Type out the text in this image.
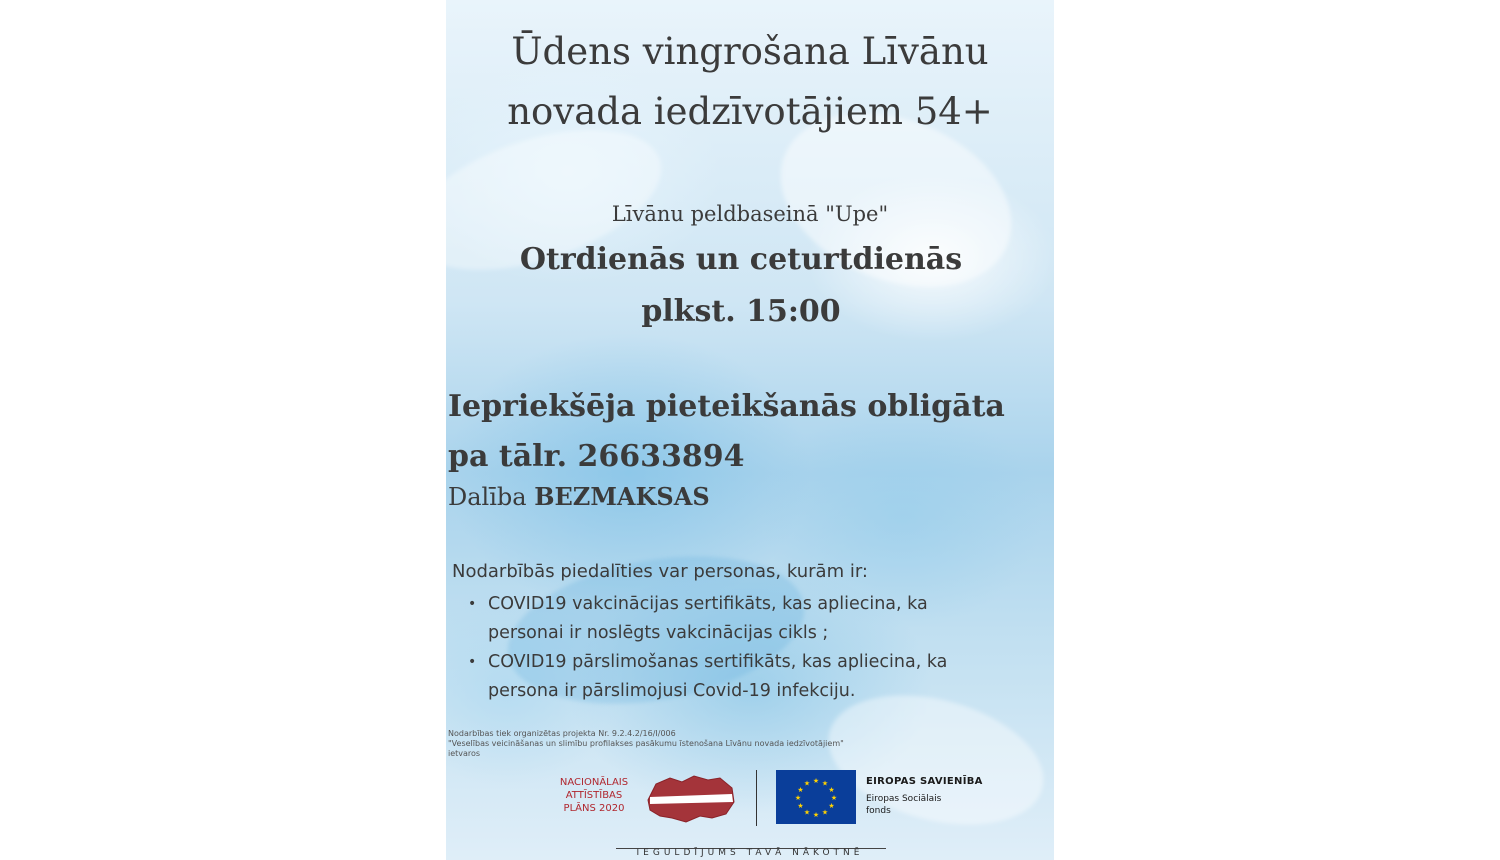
Ūdens vingrošana Līvānu
novada iedzīvotājiem 54+
Līvānu peldbaseinā "Upe"
Otrdienās un ceturtdienās
plkst. 15:00
Iepriekšēja pieteikšanās obligāta
pa tālr. 26633894
Dalība BEZMAKSAS
Nodarbībās piedalīties var personas, kurām ir:
• COVID19 vakcinācijas sertifikāts, kas apliecina, ka
personai ir noslēgts vakcinācijas cikls ;
• COVID19 pārslimošanas sertifikāts, kas apliecina, ka
persona ir pārslimojusi Covid-19 infekciju.
Nodarbības tiek organizētas projekta Nr. 9.2.4.2/16/I/006
"Veselības veicināšanas un slimību profilakses pasākumu īstenošana Līvānu novada iedzīvotājiem"
ietvaros
NACIONĀLAIS
ATTĪSTĪBAS
PLĀNS 2020
★ ★
★
★
★
★
★
★
★
★
★
★	EIROPAS SAVIENĪBA
Eiropas Sociālais
fonds
IEGULDĪJUMS TAVĀ NĀKOTNĒ
